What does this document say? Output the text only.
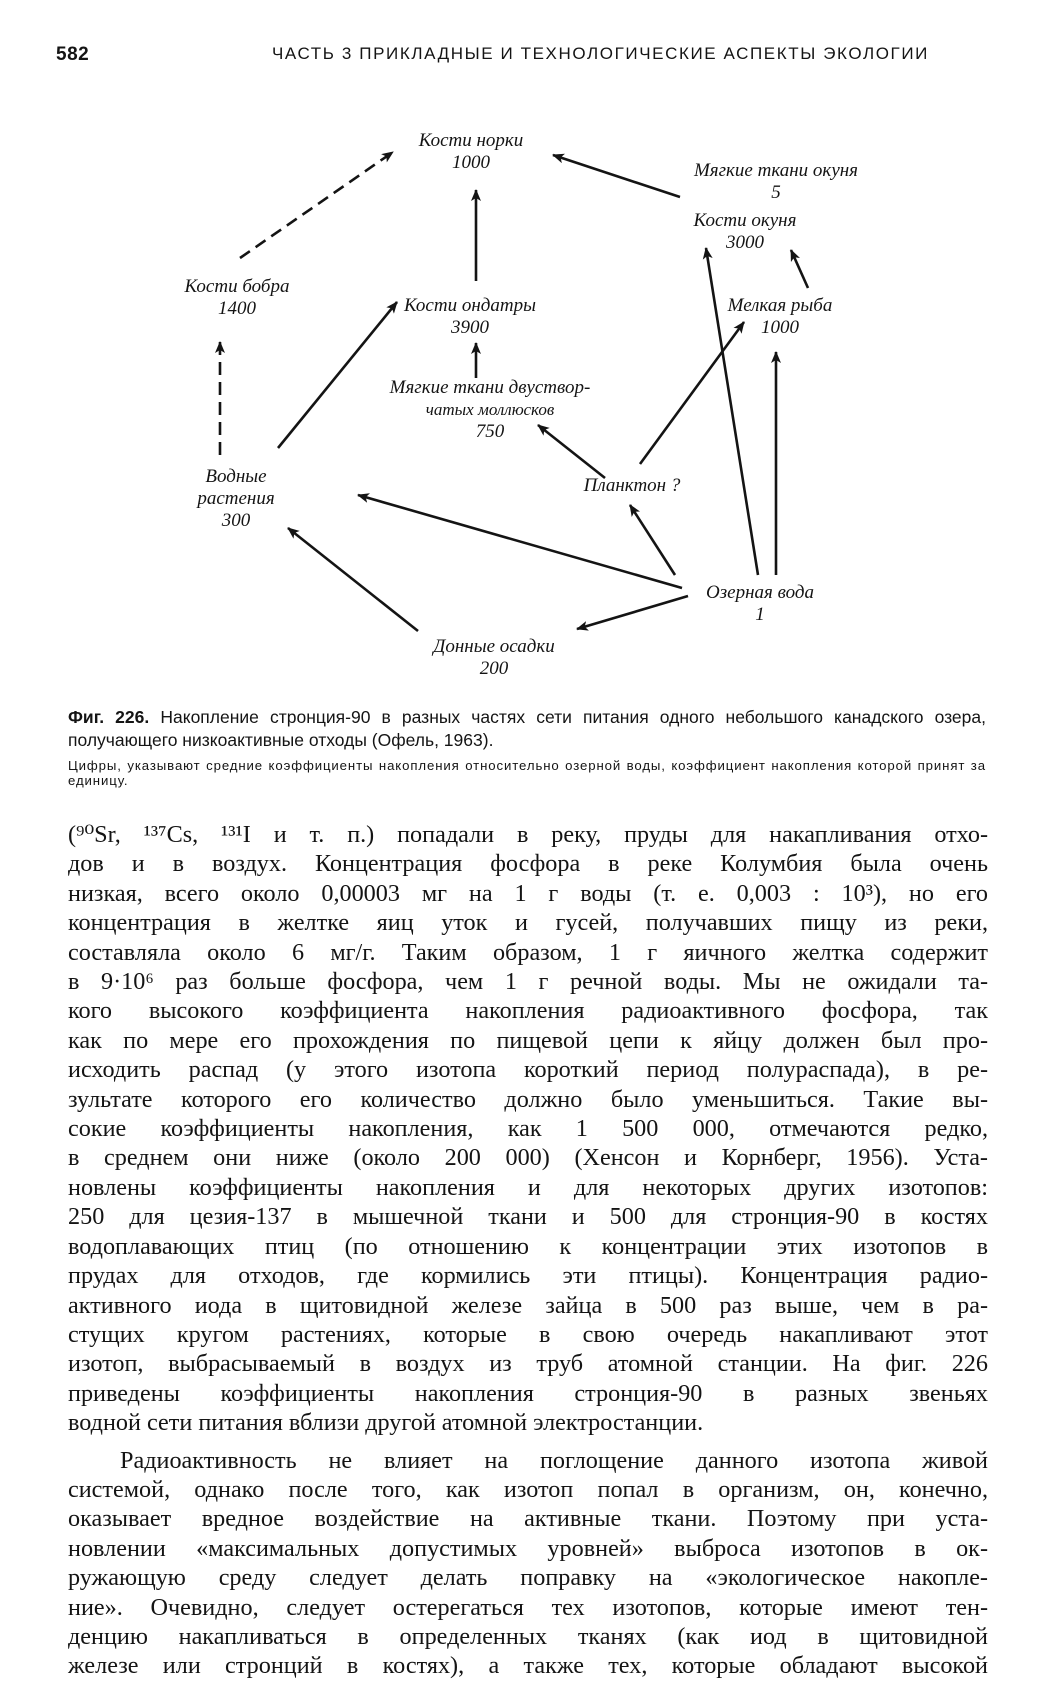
582	ЧАСТЬ 3 ПРИКЛАДНЫЕ И ТЕХНОЛОГИЧЕСКИЕ АСПЕКТЫ ЭКОЛОГИИ
Кости норки
1000	Мягкие ткани окуня
5
Кости окуня
3000
Кости бобра
1400	Кости ондатры
3900
Мелкая рыба
1000
Мягкие ткани двуствор-
чатых моллюсков
750
Водные
растения
300
Планктон ?
Озерная вода
1
Донные осадки
200
Фиг. 226. Накопление стронция-90 в разных частях сети питания одного небольшого канадского озера, получающего низкоактивные отходы (Офель, 1963).
Цифры, указывают средние коэффициенты накопления относительно озерной воды, коэффициент накопления которой принят за единицу.

(⁹⁰Sr, ¹³⁷Cs, ¹³¹I и т. п.) попадали в реку, пруды для накапливания отхо-

дов и в воздух. Концентрация фосфора в реке Колумбия была очень

низкая, всего около 0,00003 мг на 1 г воды (т. е. 0,003 : 10³), но его

концентрация в желтке яиц уток и гусей, получавших пищу из реки,

составляла около 6 мг/г. Таким образом, 1 г яичного желтка содержит

в 9·10⁶ раз больше фосфора, чем 1 г речной воды. Мы не ожидали та-

кого высокого коэффициента накопления радиоактивного фосфора, так

как по мере его прохождения по пищевой цепи к яйцу должен был про-

исходить распад (у этого изотопа короткий период полураспада), в ре-

зультате которого его количество должно было уменьшиться. Такие вы-

сокие коэффициенты накопления, как 1 500 000, отмечаются редко,

в среднем они ниже (около 200 000) (Хенсон и Корнберг, 1956). Уста-

новлены коэффициенты накопления и для некоторых других изотопов:

250 для цезия-137 в мышечной ткани и 500 для стронция-90 в костях

водоплавающих птиц (по отношению к концентрации этих изотопов в

прудах для отходов, где кормились эти птицы). Концентрация радио-

активного иода в щитовидной железе зайца в 500 раз выше, чем в ра-

стущих кругом растениях, которые в свою очередь накапливают этот

изотоп, выбрасываемый в воздух из труб атомной станции. На фиг. 226

приведены коэффициенты накопления стронция-90 в разных звеньях

водной сети питания вблизи другой атомной электростанции.

Радиоактивность не влияет на поглощение данного изотопа живой

системой, однако после того, как изотоп попал в организм, он, конечно,

оказывает вредное воздействие на активные ткани. Поэтому при уста-

новлении «максимальных допустимых уровней» выброса изотопов в ок-

ружающую среду следует делать поправку на «экологическое накопле-

ние». Очевидно, следует остерегаться тех изотопов, которые имеют тен-

денцию накапливаться в определенных тканях (как иод в щитовидной

железе или стронций в костях), а также тех, которые обладают высокой
